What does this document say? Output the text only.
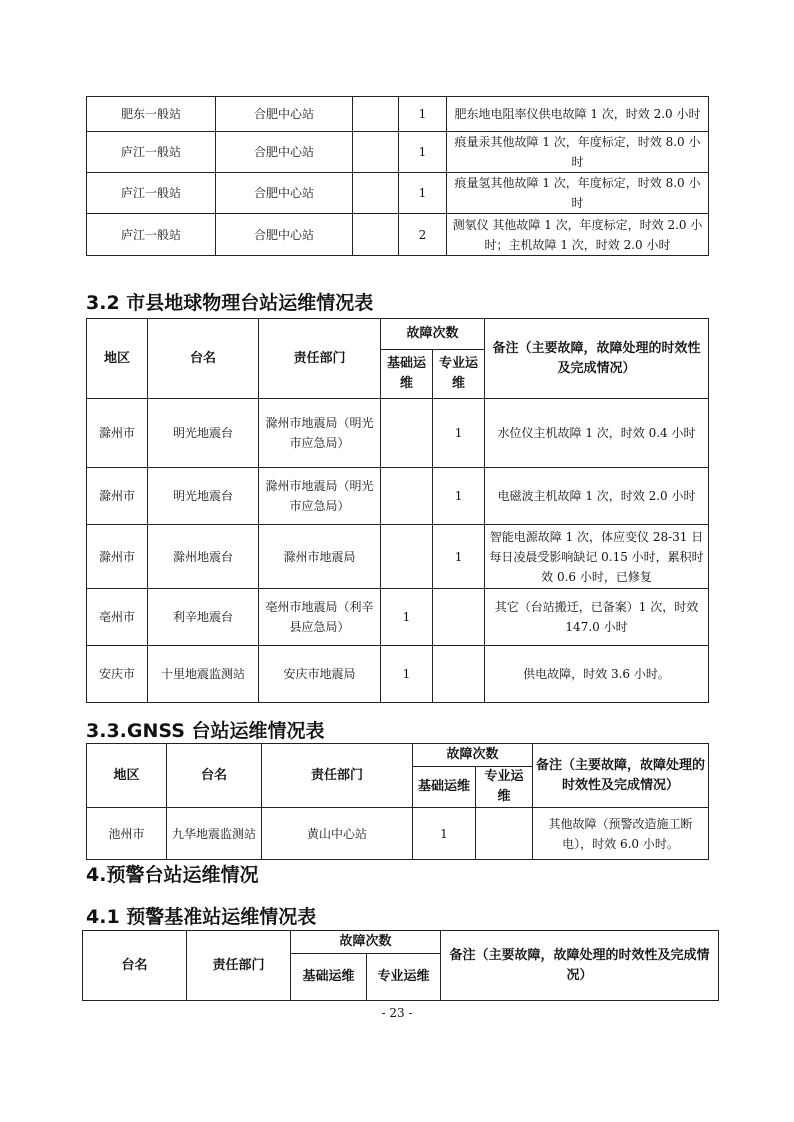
肥东一般站	合肥中心站		1	肥东地电阻率仪供电故障 1 次，时效 2.0 小时
庐江一般站	合肥中心站		1	痕量汞其他故障 1 次，年度标定，时效 8.0 小时
庐江一般站	合肥中心站		1	痕量氢其他故障 1 次，年度标定，时效 8.0 小时
庐江一般站	合肥中心站		2	测氡仪 其他故障 1 次，年度标定，时效 2.0 小时；主机故障 1 次，时效 2.0 小时
3.2 市县地球物理台站运维情况表
地区	台名	责任部门	故障次数		备注（主要故障，故障处理的时效性及完成情况）
			基础运维	专业运维	
滁州市	明光地震台	滁州市地震局（明光市应急局）		1	水位仪主机故障 1 次，时效 0.4 小时
滁州市	明光地震台	滁州市地震局（明光市应急局）		1	电磁波主机故障 1 次，时效 2.0 小时
滁州市	滁州地震台	滁州市地震局		1	智能电源故障 1 次，体应变仪 28-31 日每日凌晨受影响缺记 0.15 小时，累积时效 0.6 小时，已修复
亳州市	利辛地震台	亳州市地震局（利辛县应急局）	1		其它（台站搬迁，已备案）1 次，时效 147.0 小时
安庆市	十里地震监测站	安庆市地震局	1		供电故障，时效 3.6 小时。
3.3.GNSS 台站运维情况表
地区	台名	责任部门	故障次数		备注（主要故障，故障处理的时效性及完成情况）
			基础运维	专业运维	
池州市	九华地震监测站	黄山中心站	1		其他故障（预警改造施工断电），时效 6.0 小时。
4.预警台站运维情况
4.1 预警基准站运维情况表
台名	责任部门	故障次数		备注（主要故障，故障处理的时效性及完成情况）
		基础运维	专业运维	
- 23 -
